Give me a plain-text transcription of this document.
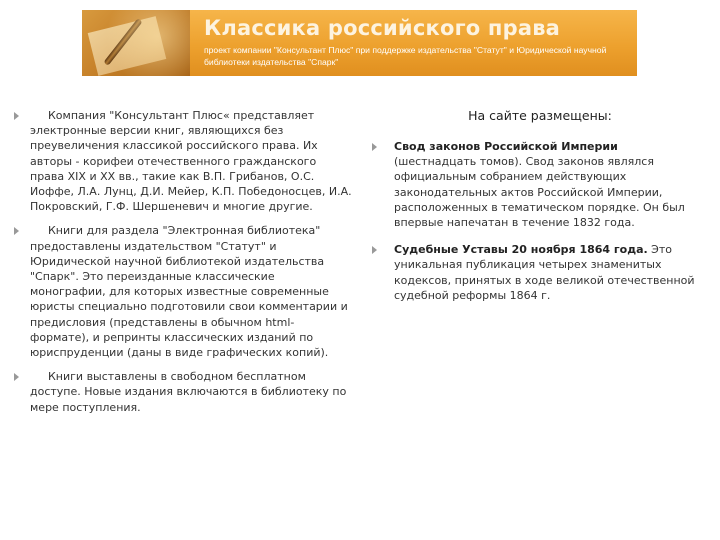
Классика российского права
проект компании "Консультант Плюс" при поддержке издательства "Статут" и Юридической научной библиотеки издательства "Спарк"
Компания "Консультант Плюс« представляет
электронные версии книг, являющихся без преувеличения классикой российского права. Их авторы - корифеи отечественного гражданского права XIX и XX вв., такие как В.П. Грибанов, О.С. Иоффе, Л.А. Лунц, Д.И. Мейер, К.П. Победоносцев, И.А. Покровский, Г.Ф. Шершеневич и многие другие.
Книги для раздела "Электронная библиотека"
предоставлены издательством "Статут" и Юридической научной библиотекой издательства "Спарк". Это переизданные классические монографии, для которых известные современные юристы специально подготовили свои комментарии и предисловия (представлены в обычном html-формате), и репринты классических изданий по юриспруденции (даны в виде графических копий).
Книги выставлены в свободном бесплатном
доступе. Новые издания включаются в библиотеку по мере поступления.
На сайте размещены:
Свод законов Российской Империи (шестнадцать томов). Свод законов являлся официальным собранием действующих законодательных актов Российской Империи, расположенных в тематическом порядке. Он был впервые напечатан в течение 1832 года.
Судебные Уставы 20 ноября 1864 года. Это уникальная публикация четырех знаменитых кодексов, принятых в ходе великой отечественной судебной реформы 1864 г.
